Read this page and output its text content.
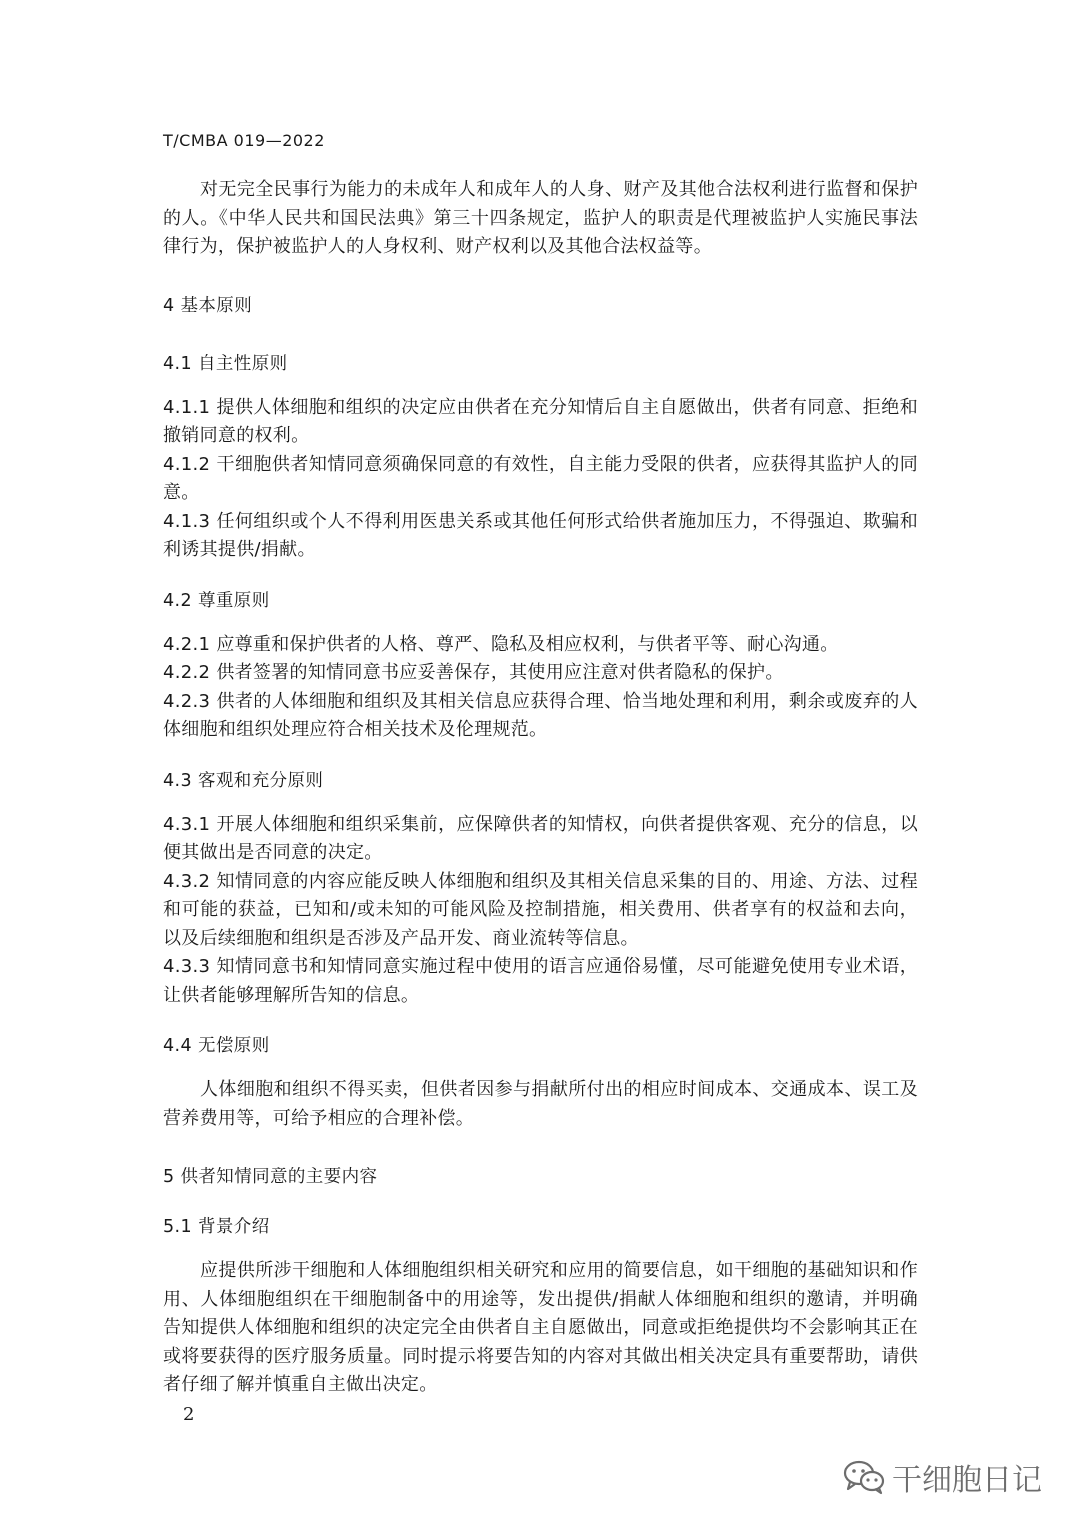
T/CMBA 019—2022

对无完全民事行为能力的未成年人和成年人的人身、财产及其他合法权利进行监督和保护的人。《中华人民共和国民法典》第三十四条规定，监护人的职责是代理被监护人实施民事法律行为，保护被监护人的人身权利、财产权利以及其他合法权益等。

4 基本原则

4.1 自主性原则

4.1.1 提供人体细胞和组织的决定应由供者在充分知情后自主自愿做出，供者有同意、拒绝和撤销同意的权利。

4.1.2 干细胞供者知情同意须确保同意的有效性，自主能力受限的供者，应获得其监护人的同意。

4.1.3 任何组织或个人不得利用医患关系或其他任何形式给供者施加压力，不得强迫、欺骗和利诱其提供/捐献。

4.2 尊重原则

4.2.1 应尊重和保护供者的人格、尊严、隐私及相应权利，与供者平等、耐心沟通。

4.2.2 供者签署的知情同意书应妥善保存，其使用应注意对供者隐私的保护。

4.2.3 供者的人体细胞和组织及其相关信息应获得合理、恰当地处理和利用，剩余或废弃的人体细胞和组织处理应符合相关技术及伦理规范。

4.3 客观和充分原则

4.3.1 开展人体细胞和组织采集前，应保障供者的知情权，向供者提供客观、充分的信息，以便其做出是否同意的决定。

4.3.2 知情同意的内容应能反映人体细胞和组织及其相关信息采集的目的、用途、方法、过程和可能的获益，已知和/或未知的可能风险及控制措施，相关费用、供者享有的权益和去向，以及后续细胞和组织是否涉及产品开发、商业流转等信息。

4.3.3 知情同意书和知情同意实施过程中使用的语言应通俗易懂，尽可能避免使用专业术语，让供者能够理解所告知的信息。

4.4 无偿原则

人体细胞和组织不得买卖，但供者因参与捐献所付出的相应时间成本、交通成本、误工及营养费用等，可给予相应的合理补偿。

5 供者知情同意的主要内容

5.1 背景介绍

应提供所涉干细胞和人体细胞组织相关研究和应用的简要信息，如干细胞的基础知识和作用、人体细胞组织在干细胞制备中的用途等，发出提供/捐献人体细胞和组织的邀请，并明确告知提供人体细胞和组织的决定完全由供者自主自愿做出，同意或拒绝提供均不会影响其正在或将要获得的医疗服务质量。同时提示将要告知的内容对其做出相关决定具有重要帮助，请供者仔细了解并慎重自主做出决定。

2
干细胞日记
